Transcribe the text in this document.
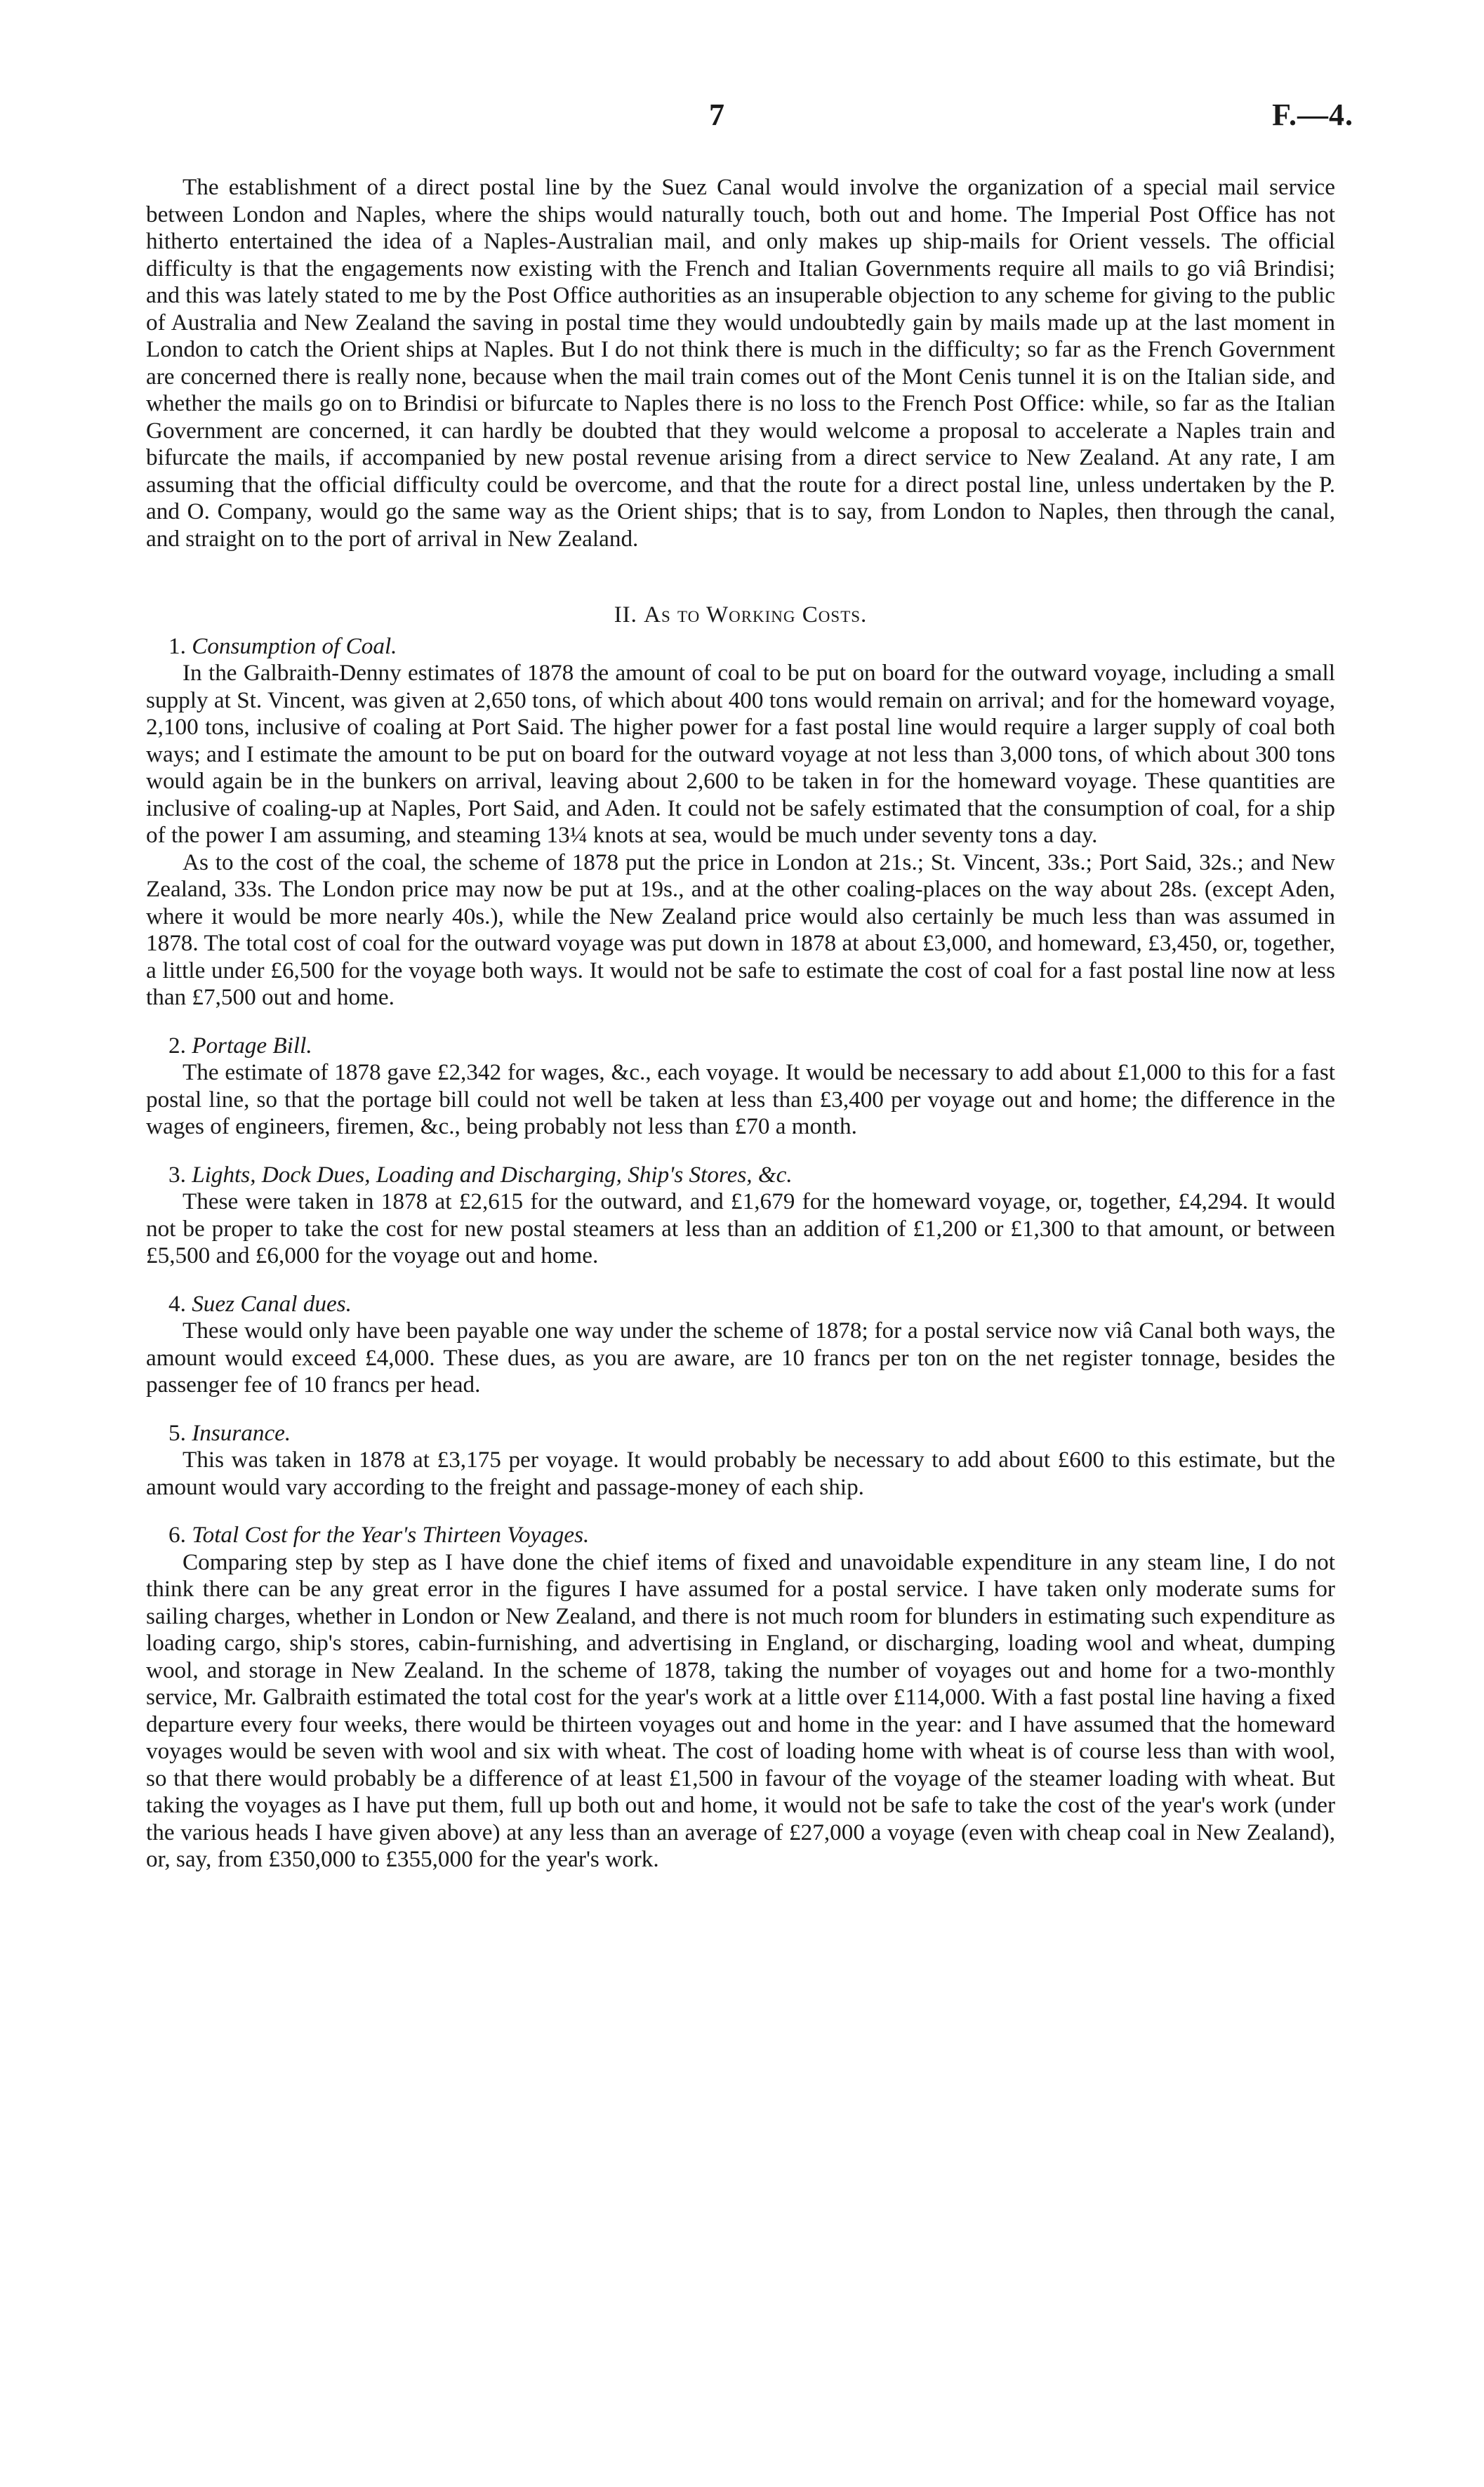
7	F.—4.

The establishment of a direct postal line by the Suez Canal would involve the organization of a special mail service between London and Naples, where the ships would naturally touch, both out and home. The Imperial Post Office has not hitherto entertained the idea of a Naples-Australian mail, and only makes up ship-mails for Orient vessels. The official difficulty is that the engagements now existing with the French and Italian Governments require all mails to go viâ Brindisi; and this was lately stated to me by the Post Office authorities as an insuperable objection to any scheme for giving to the public of Australia and New Zealand the saving in postal time they would undoubtedly gain by mails made up at the last moment in London to catch the Orient ships at Naples. But I do not think there is much in the difficulty; so far as the French Government are concerned there is really none, because when the mail train comes out of the Mont Cenis tunnel it is on the Italian side, and whether the mails go on to Brindisi or bifurcate to Naples there is no loss to the French Post Office: while, so far as the Italian Government are concerned, it can hardly be doubted that they would welcome a proposal to accelerate a Naples train and bifurcate the mails, if accompanied by new postal revenue arising from a direct service to New Zealand. At any rate, I am assuming that the official difficulty could be overcome, and that the route for a direct postal line, unless undertaken by the P. and O. Company, would go the same way as the Orient ships; that is to say, from London to Naples, then through the canal, and straight on to the port of arrival in New Zealand.

II. As to Working Costs.
1. Consumption of Coal.

In the Galbraith-Denny estimates of 1878 the amount of coal to be put on board for the outward voyage, including a small supply at St. Vincent, was given at 2,650 tons, of which about 400 tons would remain on arrival; and for the homeward voyage, 2,100 tons, inclusive of coaling at Port Said. The higher power for a fast postal line would require a larger supply of coal both ways; and I estimate the amount to be put on board for the outward voyage at not less than 3,000 tons, of which about 300 tons would again be in the bunkers on arrival, leaving about 2,600 to be taken in for the homeward voyage. These quantities are inclusive of coaling-up at Naples, Port Said, and Aden. It could not be safely estimated that the consumption of coal, for a ship of the power I am assuming, and steaming 13¼ knots at sea, would be much under seventy tons a day.

As to the cost of the coal, the scheme of 1878 put the price in London at 21s.; St. Vincent, 33s.; Port Said, 32s.; and New Zealand, 33s. The London price may now be put at 19s., and at the other coaling-places on the way about 28s. (except Aden, where it would be more nearly 40s.), while the New Zealand price would also certainly be much less than was assumed in 1878. The total cost of coal for the outward voyage was put down in 1878 at about £3,000, and homeward, £3,450, or, together, a little under £6,500 for the voyage both ways. It would not be safe to estimate the cost of coal for a fast postal line now at less than £7,500 out and home.

2. Portage Bill.

The estimate of 1878 gave £2,342 for wages, &c., each voyage. It would be necessary to add about £1,000 to this for a fast postal line, so that the portage bill could not well be taken at less than £3,400 per voyage out and home; the difference in the wages of engineers, firemen, &c., being probably not less than £70 a month.

3. Lights, Dock Dues, Loading and Discharging, Ship's Stores, &c.

These were taken in 1878 at £2,615 for the outward, and £1,679 for the homeward voyage, or, together, £4,294. It would not be proper to take the cost for new postal steamers at less than an addition of £1,200 or £1,300 to that amount, or between £5,500 and £6,000 for the voyage out and home.

4. Suez Canal dues.

These would only have been payable one way under the scheme of 1878; for a postal service now viâ Canal both ways, the amount would exceed £4,000. These dues, as you are aware, are 10 francs per ton on the net register tonnage, besides the passenger fee of 10 francs per head.

5. Insurance.

This was taken in 1878 at £3,175 per voyage. It would probably be necessary to add about £600 to this estimate, but the amount would vary according to the freight and passage-money of each ship.

6. Total Cost for the Year's Thirteen Voyages.

Comparing step by step as I have done the chief items of fixed and unavoidable expenditure in any steam line, I do not think there can be any great error in the figures I have assumed for a postal service. I have taken only moderate sums for sailing charges, whether in London or New Zealand, and there is not much room for blunders in estimating such expenditure as loading cargo, ship's stores, cabin-furnishing, and advertising in England, or discharging, loading wool and wheat, dumping wool, and storage in New Zealand. In the scheme of 1878, taking the number of voyages out and home for a two-monthly service, Mr. Galbraith estimated the total cost for the year's work at a little over £114,000. With a fast postal line having a fixed departure every four weeks, there would be thirteen voyages out and home in the year: and I have assumed that the homeward voyages would be seven with wool and six with wheat. The cost of loading home with wheat is of course less than with wool, so that there would probably be a difference of at least £1,500 in favour of the voyage of the steamer loading with wheat. But taking the voyages as I have put them, full up both out and home, it would not be safe to take the cost of the year's work (under the various heads I have given above) at any less than an average of £27,000 a voyage (even with cheap coal in New Zealand), or, say, from £350,000 to £355,000 for the year's work.
